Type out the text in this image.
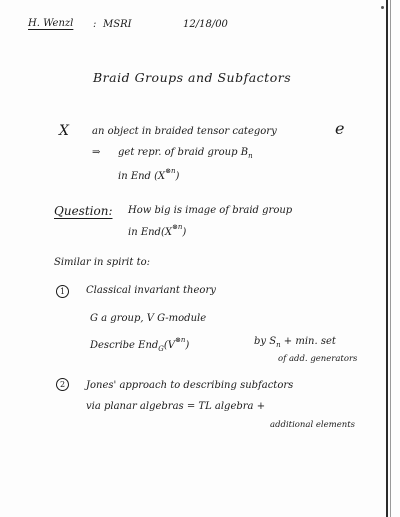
H. Wenzl : MSRI	12/18/00
Braid Groups and Subfactors
X an object in braided tensor category	e
⇒ get repr. of braid group $B_n$
in End $(X^{\otimes n})$
Question: How big is image of braid group
in $End(X^{\otimes n})$
Similar in spirit to:
1	Classical invariant theory
G a group, V G-module
Describe $End_G(V^{\otimes n})$	by $S_n + \min$. set
of add. generators
2	Jones' approach to describing subfactors
via planar algebras = TL algebra +
additional elements
